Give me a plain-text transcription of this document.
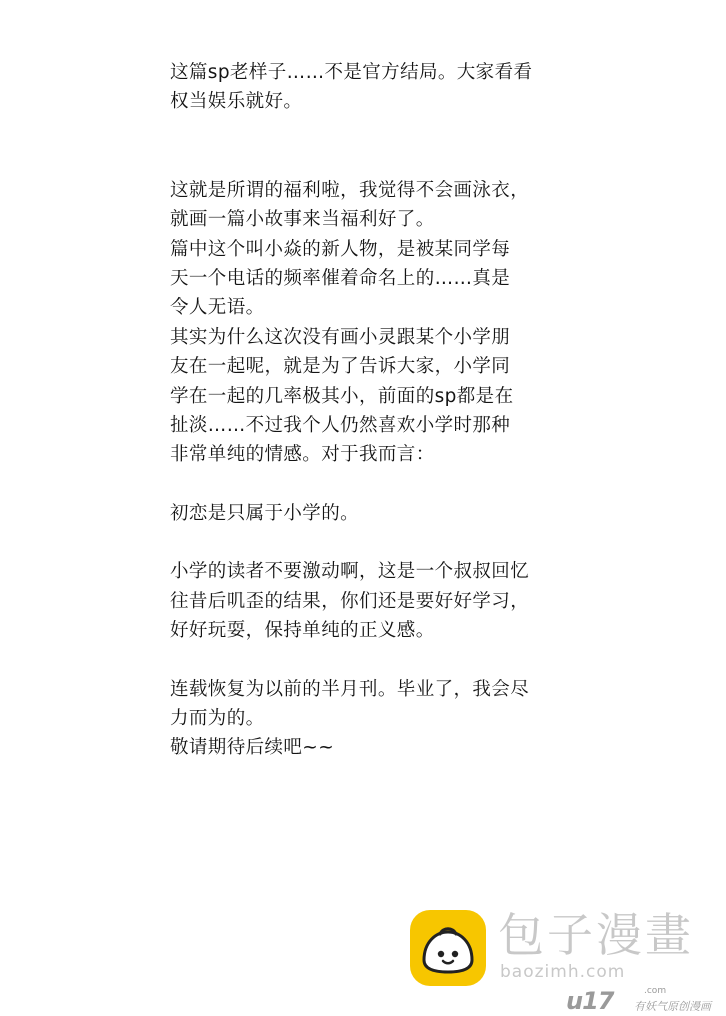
这篇sp老样子……不是官方结局。大家看看
权当娱乐就好。

这就是所谓的福利啦，我觉得不会画泳衣，
就画一篇小故事来当福利好了。
篇中这个叫小焱的新人物，是被某同学每
天一个电话的频率催着命名上的……真是
令人无语。
其实为什么这次没有画小灵跟某个小学朋
友在一起呢，就是为了告诉大家，小学同
学在一起的几率极其小，前面的sp都是在
扯淡……不过我个人仍然喜欢小学时那种
非常单纯的情感。对于我而言：

初恋是只属于小学的。

小学的读者不要激动啊，这是一个叔叔回忆
往昔后叽歪的结果，你们还是要好好学习，
好好玩耍，保持单纯的正义感。

连载恢复为以前的半月刊。毕业了，我会尽
力而为的。
敬请期待后续吧~~

包子漫畫
baozimh.com
u17	.com
有妖气原创漫画
